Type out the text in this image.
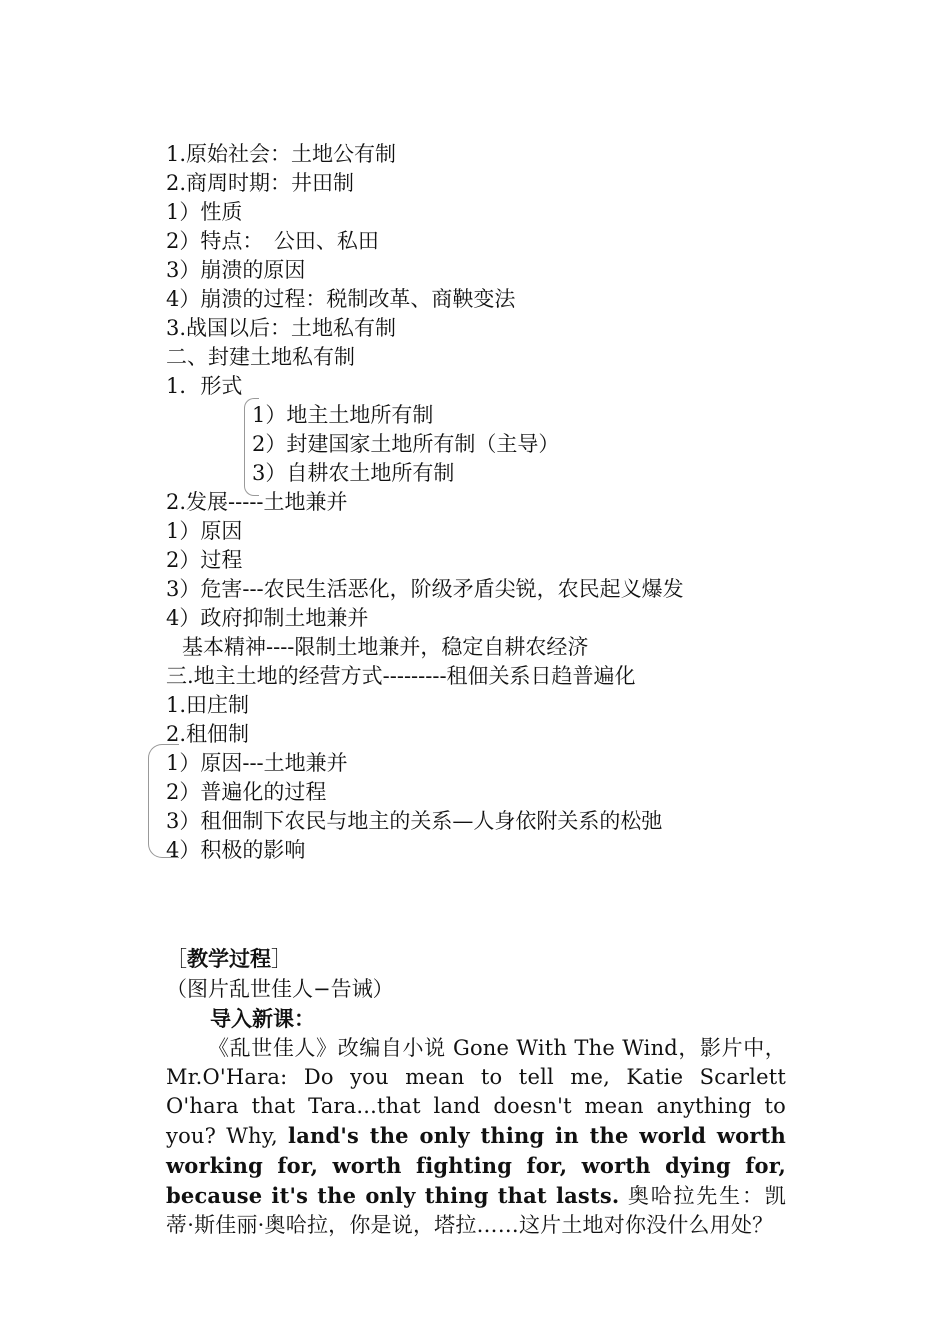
1.原始社会：土地公有制
2.商周时期：井田制
1）性质
2）特点：　公田、私田
3）崩溃的原因
4）崩溃的过程：税制改革、商鞅变法
3.战国以后：土地私有制
二、封建土地私有制
1．形式
1）地主土地所有制
2）封建国家土地所有制（主导）
3）自耕农土地所有制
2.发展-----土地兼并
1）原因
2）过程
3）危害---农民生活恶化，阶级矛盾尖锐，农民起义爆发
4）政府抑制土地兼并
基本精神----限制土地兼并，稳定自耕农经济
三.地主土地的经营方式---------租佃关系日趋普遍化
1.田庄制
2.租佃制
1）原因---土地兼并
2）普遍化的过程
3）租佃制下农民与地主的关系—人身依附关系的松弛
4）积极的影响
［教学过程］
（图片乱世佳人−告诫）
导入新课：
《乱世佳人》改编自小说 Gone With The Wind，影片中，Mr.O'Hara: Do you mean to tell me, Katie Scarlett O'hara that Tara...that land doesn't mean anything to you? Why, land's the only thing in the world worth working for, worth fighting for, worth dying for, because it's the only thing that lasts. 奥哈拉先生：凯蒂·斯佳丽·奥哈拉，你是说，塔拉……这片土地对你没什么用处？
